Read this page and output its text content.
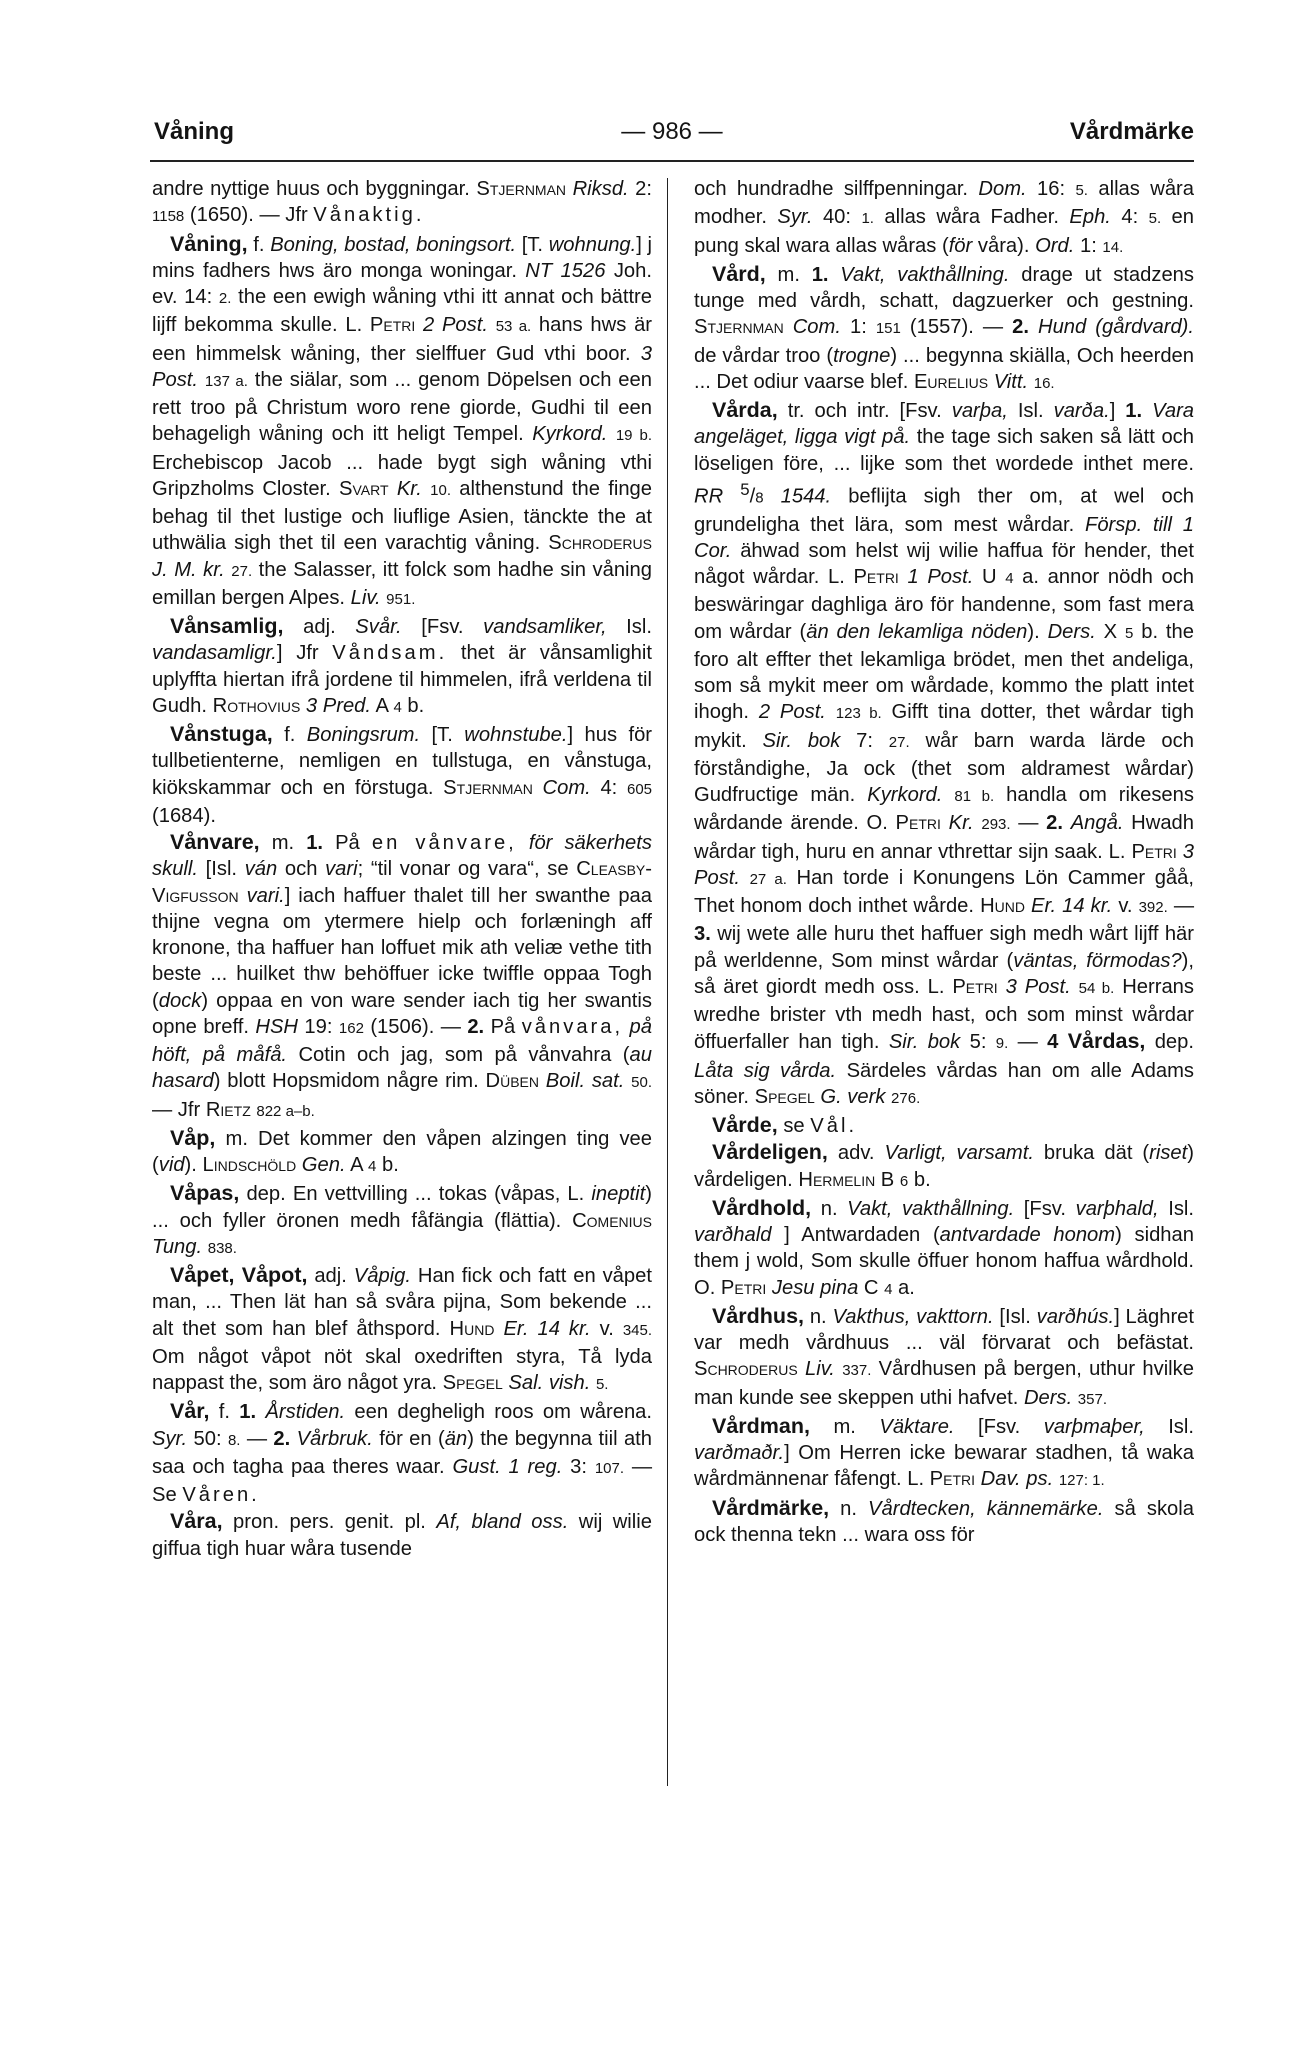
Våning	— 986 —	Vårdmärke

andre nyttige huus och byggningar. Stjernman Riksd. 2: 1158 (1650). — Jfr Vånaktig.

Våning, f. Boning, bostad, boningsort. [T. wohnung.] j mins fadhers hws äro monga woningar. NT 1526 Joh. ev. 14: 2. the een ewigh wåning vthi itt annat och bättre lijff bekomma skulle. L. Petri 2 Post. 53 a. hans hws är een himmelsk wåning, ther sielffuer Gud vthi boor. 3 Post. 137 a. the siälar, som ... genom Döpelsen och een rett troo på Christum woro rene giorde, Gudhi til een behageligh wåning och itt heligt Tempel. Kyrkord. 19 b. Erchebiscop Jacob ... hade bygt sigh wåning vthi Gripzholms Closter. Svart Kr. 10. althenstund the finge behag til thet lustige och liuflige Asien, tänckte the at uthwälia sigh thet til een varachtig våning. Schroderus J. M. kr. 27. the Salasser, itt folck som hadhe sin våning emillan bergen Alpes. Liv. 951.

Vånsamlig, adj. Svår. [Fsv. vandsamliker, Isl. vandasamligr.] Jfr Våndsam. thet är vånsamlighit uplyffta hiertan ifrå jordene til himmelen, ifrå verldena til Gudh. Rothovius 3 Pred. A 4 b.

Vånstuga, f. Boningsrum. [T. wohnstube.] hus för tullbetienterne, nemligen en tullstuga, en vånstuga, kiökskammar och en förstuga. Stjernman Com. 4: 605 (1684).

Vånvare, m. 1. På en vånvare, för säkerhets skull. [Isl. ván och vari; “til vonar og vara“, se Cleasby-Vigfusson vari.] iach haffuer thalet till her swanthe paa thijne vegna om ytermere hielp och forlæningh aff kronone, tha haffuer han loffuet mik ath veliæ vethe tith beste ... huilket thw behöffuer icke twiffle oppaa Togh (dock) oppaa en von ware sender iach tig her swantis opne breff. HSH 19: 162 (1506). — 2. På vånvara, på höft, på måfå. Cotin och jag, som på vånvahra (au hasard) blott Hopsmidom någre rim. Düben Boil. sat. 50. — Jfr Rietz 822 a–b.

Våp, m. Det kommer den våpen alzingen ting vee (vid). Lindschöld Gen. A 4 b.

Våpas, dep. En vettvilling ... tokas (våpas, L. ineptit) ... och fyller öronen medh fåfängia (flättia). Comenius Tung. 838.

Våpet, Våpot, adj. Våpig. Han fick och fatt en våpet man, ... Then lät han så svåra pijna, Som bekende ... alt thet som han blef åthspord. Hund Er. 14 kr. v. 345. Om något våpot nöt skal oxedriften styra, Tå lyda nappast the, som äro något yra. Spegel Sal. vish. 5.

Vår, f. 1. Årstiden. een degheligh roos om wårena. Syr. 50: 8. — 2. Vårbruk. för en (än) the begynna tiil ath saa och tagha paa theres waar. Gust. 1 reg. 3: 107. — Se Våren.

Våra, pron. pers. genit. pl. Af, bland oss. wij wilie giffua tigh huar wåra tusende

och hundradhe silffpenningar. Dom. 16: 5. allas wåra modher. Syr. 40: 1. allas wåra Fadher. Eph. 4: 5. en pung skal wara allas wåras (för våra). Ord. 1: 14.

Vård, m. 1. Vakt, vakthållning. drage ut stadzens tunge med vårdh, schatt, dagzuerker och gestning. Stjernman Com. 1: 151 (1557). — 2. Hund (gårdvard). de vårdar troo (trogne) ... begynna skiälla, Och heerden ... Det odiur vaarse blef. Eurelius Vitt. 16.

Vårda, tr. och intr. [Fsv. varþa, Isl. varða.] 1. Vara angeläget, ligga vigt på. the tage sich saken så lätt och löseligen före, ... lijke som thet wordede inthet mere. RR $^5$/8 1544. beflijta sigh ther om, at wel och grundeligha thet lära, som mest wårdar. Försp. till 1 Cor. ähwad som helst wij wilie haffua för hender, thet något wårdar. L. Petri 1 Post. U 4 a. annor nödh och beswäringar daghliga äro för handenne, som fast mera om wårdar (än den lekamliga nöden). Ders. X 5 b. the foro alt effter thet lekamliga brödet, men thet andeliga, som så mykit meer om wårdade, kommo the platt intet ihogh. 2 Post. 123 b. Gifft tina dotter, thet wårdar tigh mykit. Sir. bok 7: 27. wår barn warda lärde och förståndighe, Ja ock (thet som aldramest wårdar) Gudfructige män. Kyrkord. 81 b. handla om rikesens wårdande ärende. O. Petri Kr. 293. — 2. Angå. Hwadh wårdar tigh, huru en annar vthrettar sijn saak. L. Petri 3 Post. 27 a. Han torde i Konungens Lön Cammer gåå, Thet honom doch inthet wårde. Hund Er. 14 kr. v. 392. — 3. wij wete alle huru thet haffuer sigh medh wårt lijff här på werldenne, Som minst wårdar (väntas, förmodas?), så äret giordt medh oss. L. Petri 3 Post. 54 b. Herrans wredhe brister vth medh hast, och som minst wårdar öffuerfaller han tigh. Sir. bok 5: 9. — 4 Vårdas, dep. Låta sig vårda. Särdeles vårdas han om alle Adams söner. Spegel G. verk 276.

Vårde, se Vål.

Vårdeligen, adv. Varligt, varsamt. bruka dät (riset) vårdeligen. Hermelin B 6 b.

Vårdhold, n. Vakt, vakthållning. [Fsv. varþhald, Isl. varðhald ] Antwardaden (antvardade honom) sidhan them j wold, Som skulle öffuer honom haffua wårdhold. O. Petri Jesu pina C 4 a.

Vårdhus, n. Vakthus, vakttorn. [Isl. varðhús.] Läghret var medh vårdhuus ... väl förvarat och befästat. Schroderus Liv. 337. Vårdhusen på bergen, uthur hvilke man kunde see skeppen uthi hafvet. Ders. 357.

Vårdman, m. Väktare. [Fsv. varþmaþer, Isl. varðmaðr.] Om Herren icke bewarar stadhen, tå waka wårdmännenar fåfengt. L. Petri Dav. ps. 127: 1.

Vårdmärke, n. Vårdtecken, kännemärke. så skola ock thenna tekn ... wara oss för
